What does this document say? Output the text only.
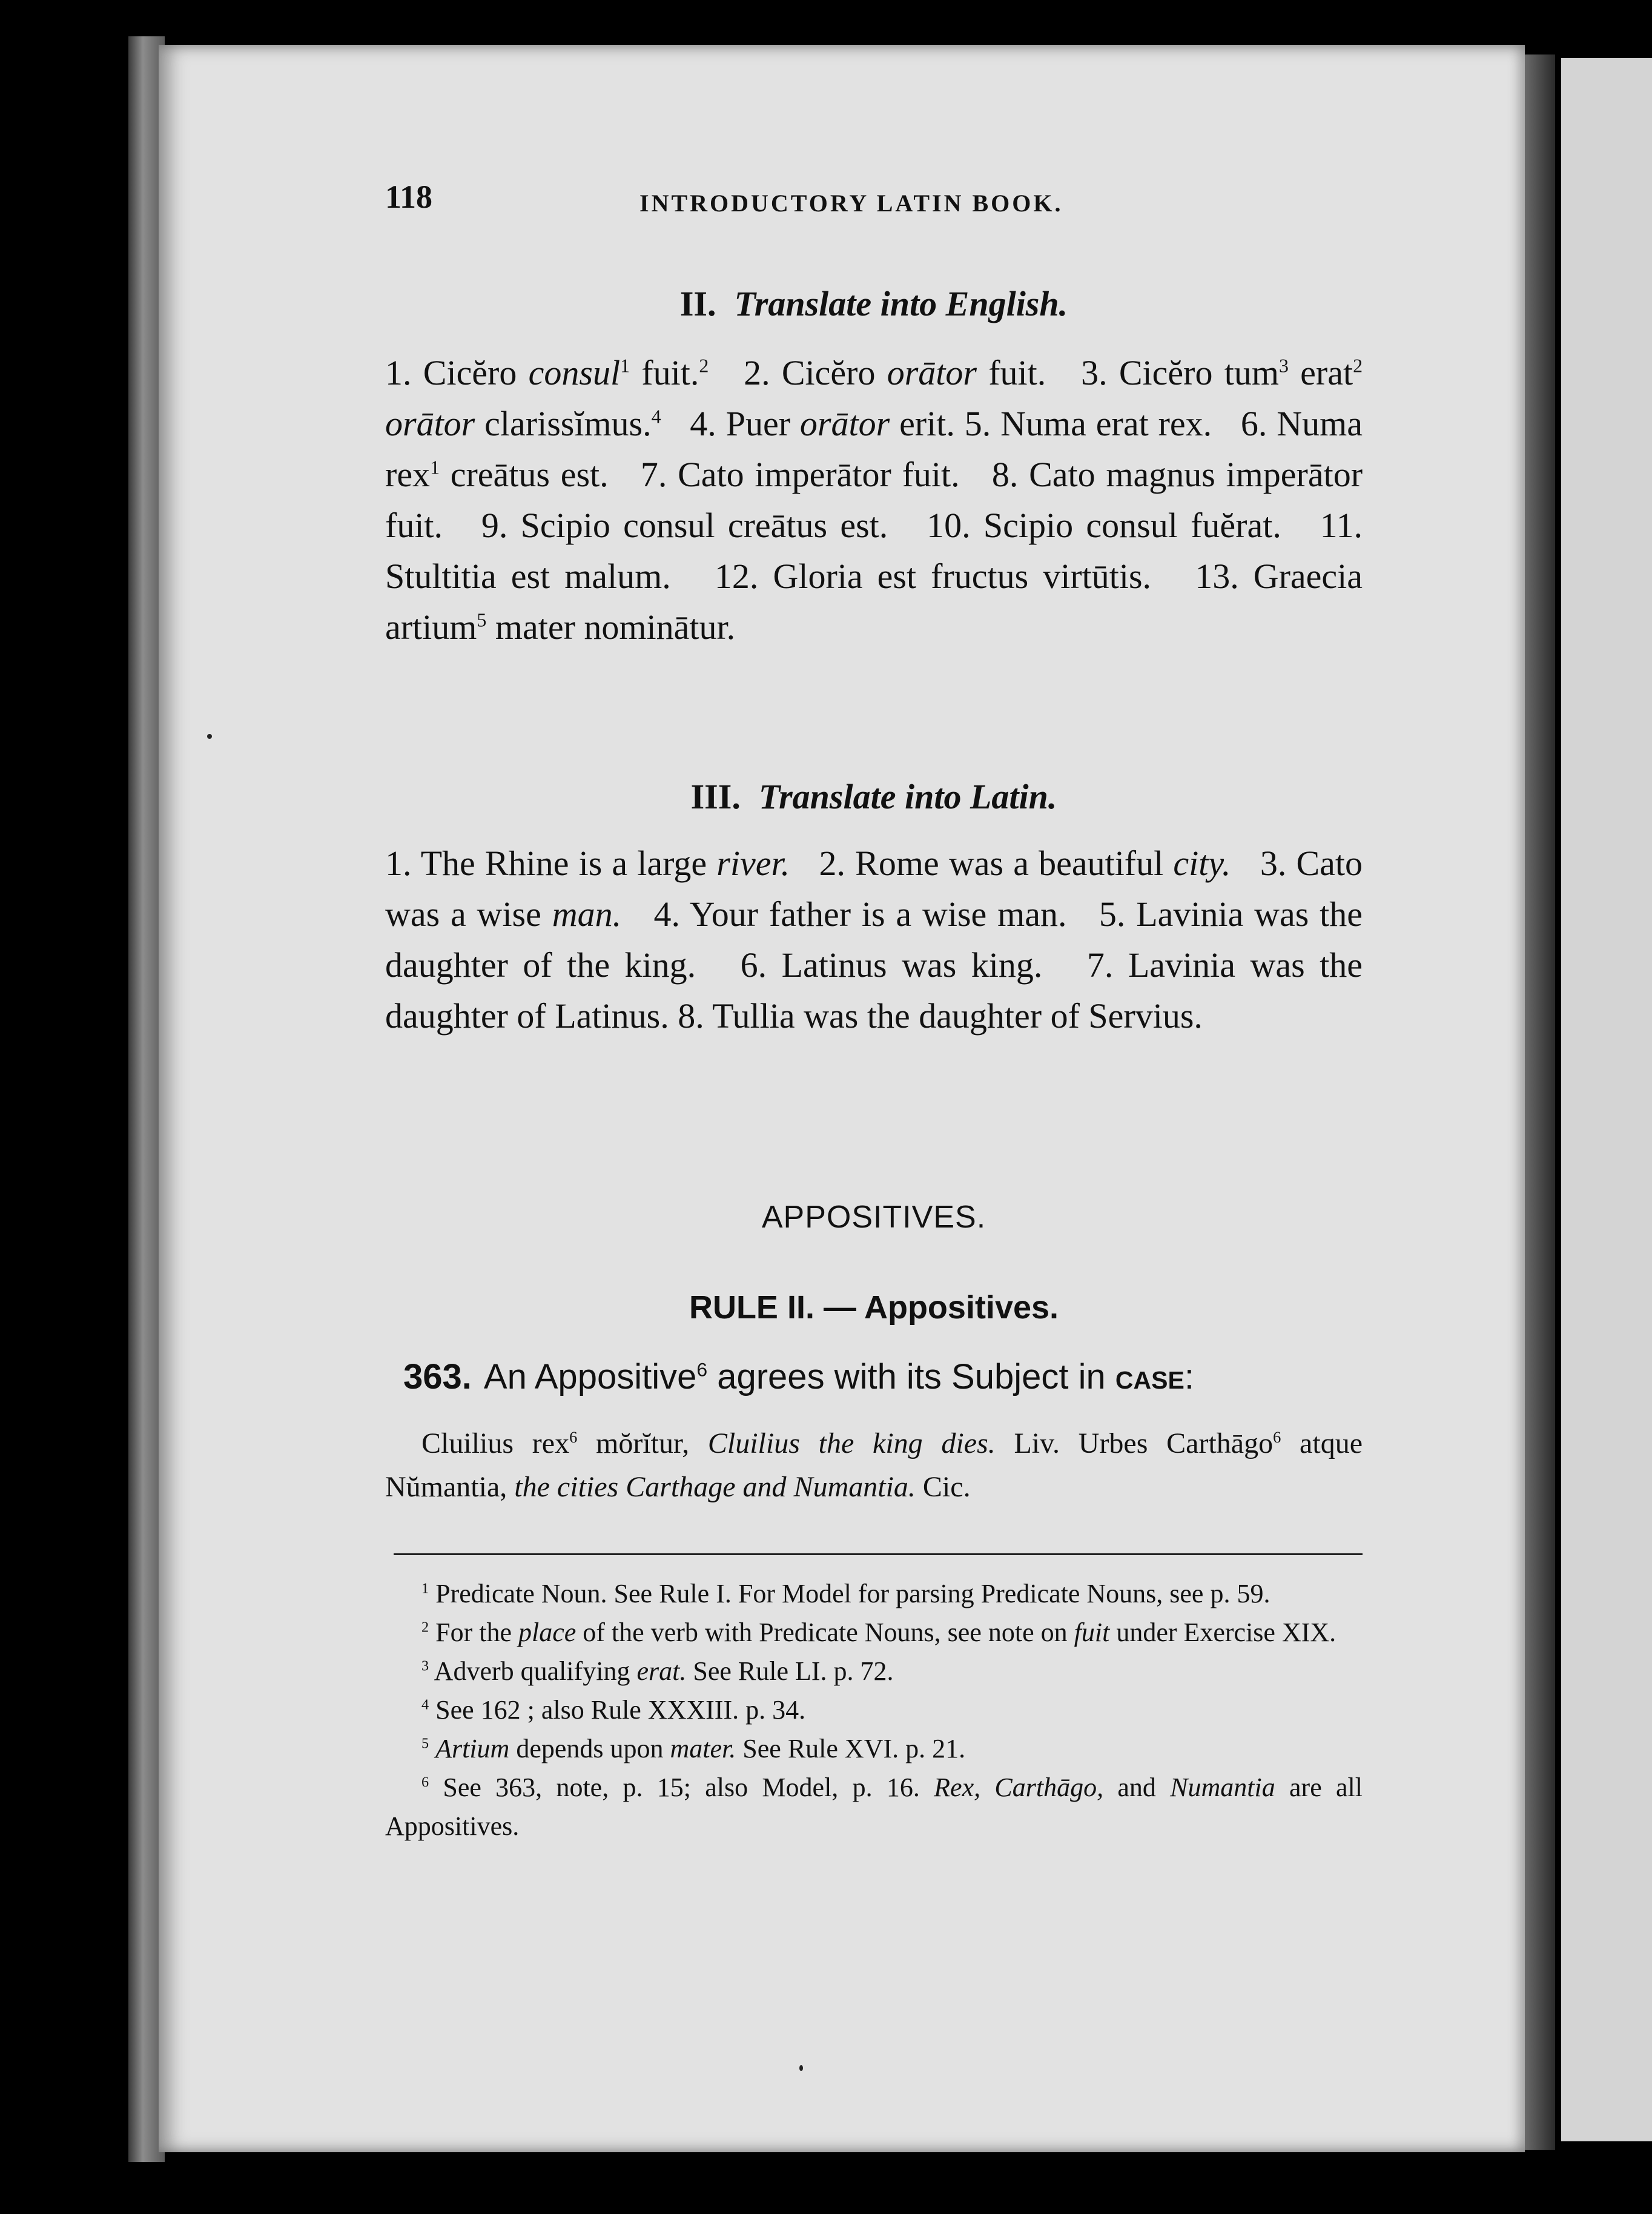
118	INTRODUCTORY LATIN BOOK.
II. Translate into English.
1. Cicĕro consul$^1$ fuit.$^2$ 2. Cicĕro orātor fuit. 3. Cicĕro tum$^3$ erat$^2$ orātor clarissĭmus.$^4$ 4. Puer orātor erit. 5. Numa erat rex. 6. Numa rex$^1$ creātus est. 7. Cato imperātor fuit. 8. Cato magnus imperātor fuit. 9. Scipio consul creātus est. 10. Scipio consul fuĕrat. 11. Stultitia est malum. 12. Gloria est fructus virtūtis. 13. Graecia artium$^5$ mater nominātur.
III. Translate into Latin.
1. The Rhine is a large river. 2. Rome was a beautiful city. 3. Cato was a wise man. 4. Your father is a wise man. 5. Lavinia was the daughter of the king. 6. Latinus was king. 7. Lavinia was the daughter of Latinus. 8. Tullia was the daughter of Servius.
APPOSITIVES.
RULE II. — Appositives.
363. An Appositive$^6$ agrees with its Subject in case:
Cluilius rex$^6$ mŏrĭtur, Cluilius the king dies. Liv. Urbes Carthāgo$^6$ atque Nŭmantia, the cities Carthage and Numantia. Cic.

$^1$ Predicate Noun. See Rule I. For Model for parsing Predicate Nouns, see p. 59.

$^2$ For the place of the verb with Predicate Nouns, see note on fuit under Exercise XIX.

$^3$ Adverb qualifying erat. See Rule LI. p. 72.

$^4$ See 162 ; also Rule XXXIII. p. 34.

$^5$ Artium depends upon mater. See Rule XVI. p. 21.

$^6$ See 363, note, p. 15; also Model, p. 16. Rex, Carthāgo, and Numantia are all Appositives.
